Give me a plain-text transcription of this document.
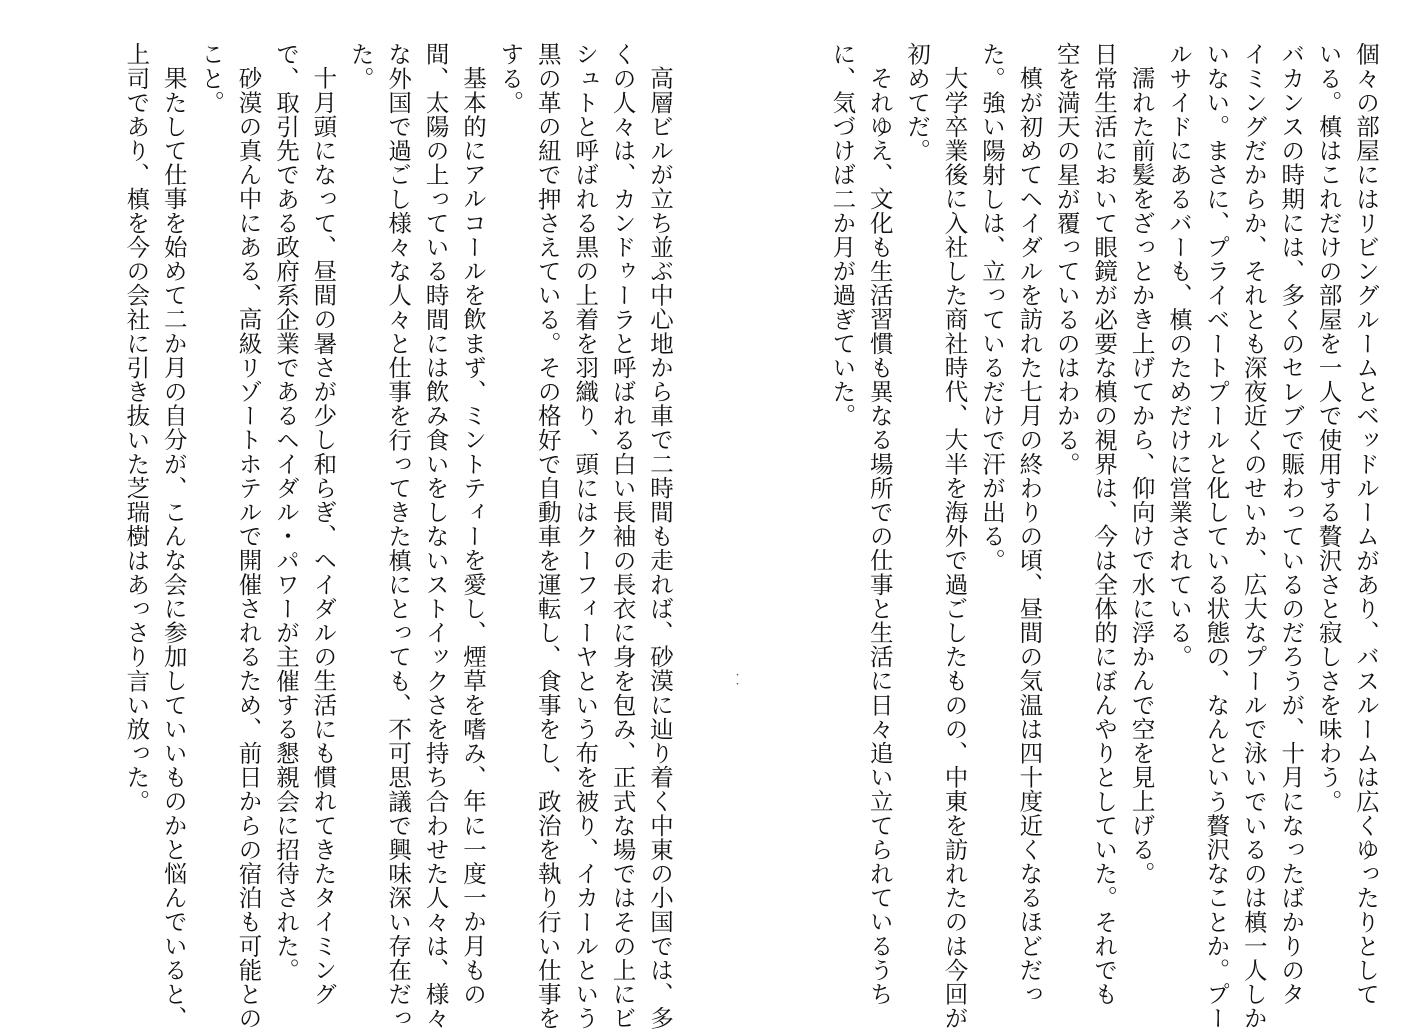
個々の部屋にはリビングルームとベッドルームがあり、バスルームは広くゆったりとして
いる。槙はこれだけの部屋を一人で使用する贅沢さと寂しさを味わう。
バカンスの時期には、多くのセレブで賑わっているのだろうが、十月になったばかりのタ
イミングだからか、それとも深夜近くのせいか、広大なプールで泳いでいるのは槙一人しか
いない。まさに、プライベートプールと化している状態の、なんという贅沢なことか。プー
ルサイドにあるバーも、槙のためだけに営業されている。
濡れた前髪をざっとかき上げてから、仰向けで水に浮かんで空を見上げる。
日常生活において眼鏡が必要な槙の視界は、今は全体的にぼんやりとしていた。それでも
空を満天の星が覆っているのはわかる。
槙が初めてヘイダルを訪れた七月の終わりの頃、昼間の気温は四十度近くなるほどだっ
た。強い陽射しは、立っているだけで汗が出る。
大学卒業後に入社した商社時代、大半を海外で過ごしたものの、中東を訪れたのは今回が
初めてだ。
それゆえ、文化も生活習慣も異なる場所での仕事と生活に日々追い立てられているうち
に、気づけば二か月が過ぎていた。
・・
高層ビルが立ち並ぶ中心地から車で二時間も走れば、砂漠に辿り着く中東の小国では、多
くの人々は、カンドゥーラと呼ばれる白い長袖の長衣に身を包み、正式な場ではその上にビ
シュトと呼ばれる黒の上着を羽織り、頭にはクーフィーヤという布を被り、イカールという
黒の革の紐で押さえている。その格好で自動車を運転し、食事をし、政治を執り行い仕事を
する。
基本的にアルコールを飲まず、ミントティーを愛し、煙草を嗜み、年に一度一か月もの
間、太陽の上っている時間には飲み食いをしないストイックさを持ち合わせた人々は、様々
な外国で過ごし様々な人々と仕事を行ってきた槙にとっても、不可思議で興味深い存在だっ
た。
十月頭になって、昼間の暑さが少し和らぎ、ヘイダルの生活にも慣れてきたタイミング
で、取引先である政府系企業であるヘイダル・パワーが主催する懇親会に招待された。
砂漠の真ん中にある、高級リゾートホテルで開催されるため、前日からの宿泊も可能との
こと。
果たして仕事を始めて二か月の自分が、こんな会に参加していいものかと悩んでいると、
上司であり、槙を今の会社に引き抜いた芝瑞樹はあっさり言い放った。
